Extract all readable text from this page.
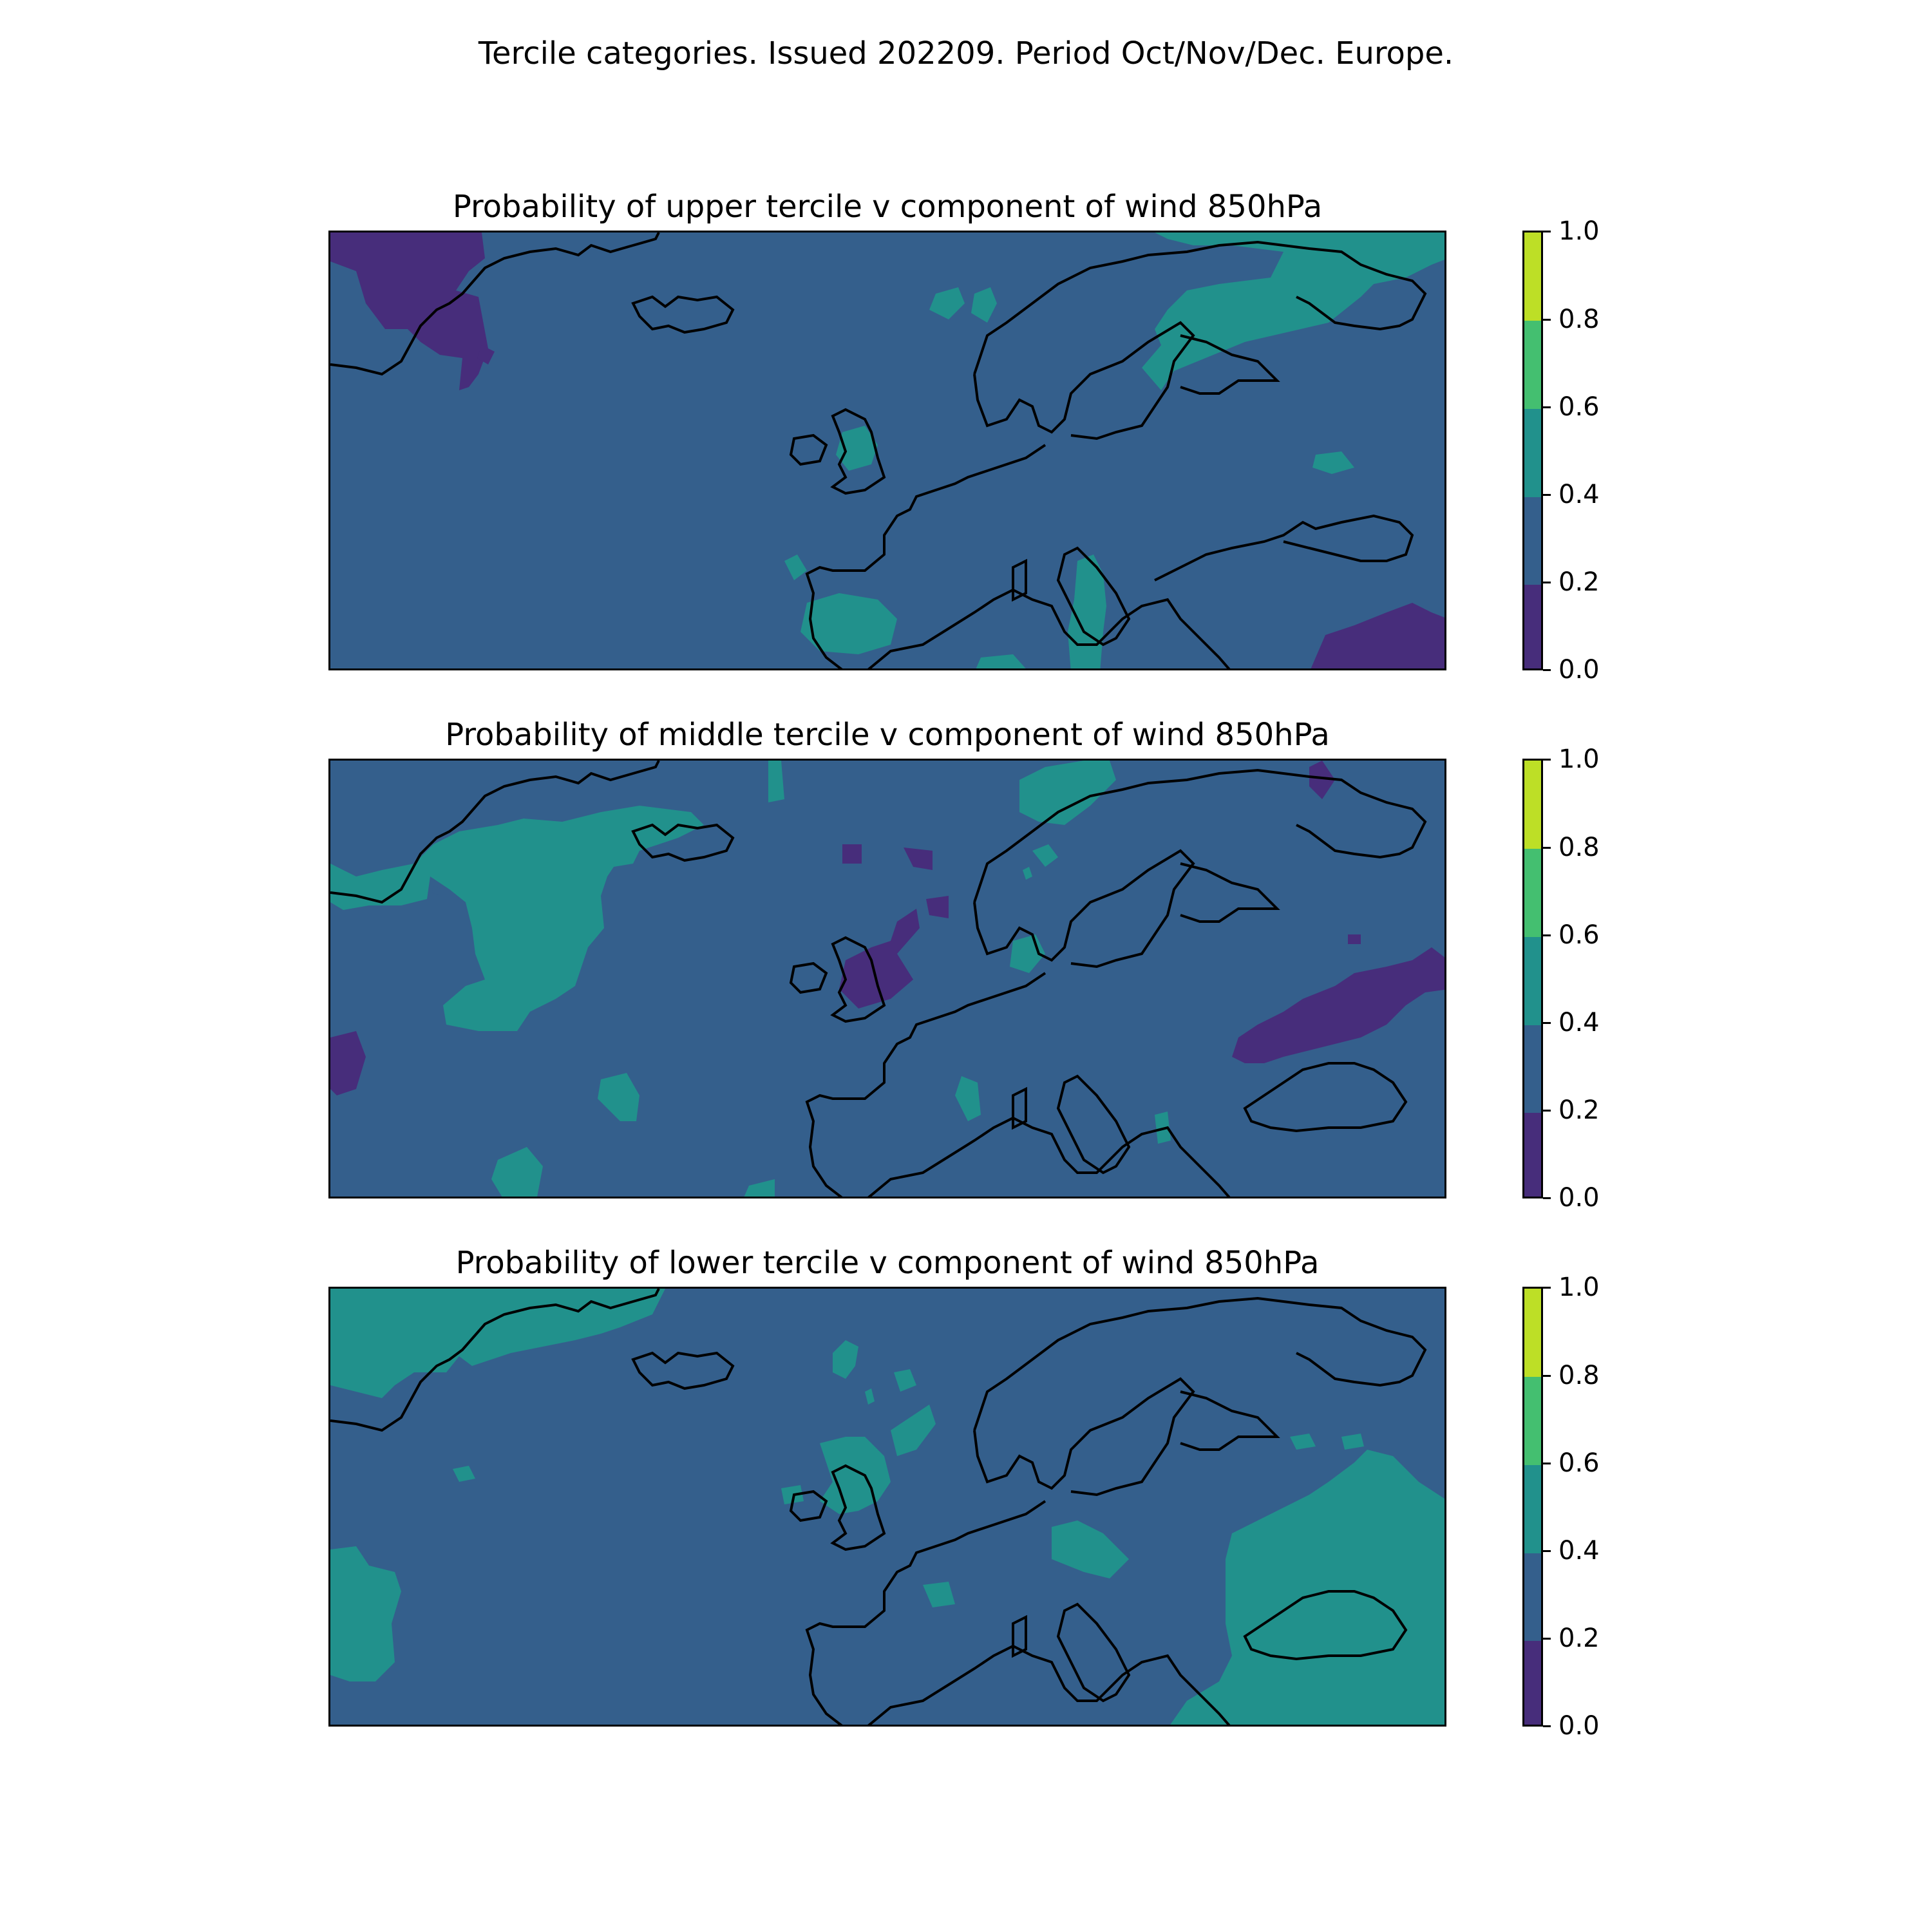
Tercile categories. Issued 202209. Period Oct/Nov/Dec. Europe.
Probability of upper tercile v component of wind 850hPa
0.0
0.2
0.4
0.6
0.8
1.0
Probability of middle tercile v component of wind 850hPa
0.0
0.2
0.4
0.6
0.8
1.0
Probability of lower tercile v component of wind 850hPa
0.0
0.2
0.4
0.6
0.8
1.0
